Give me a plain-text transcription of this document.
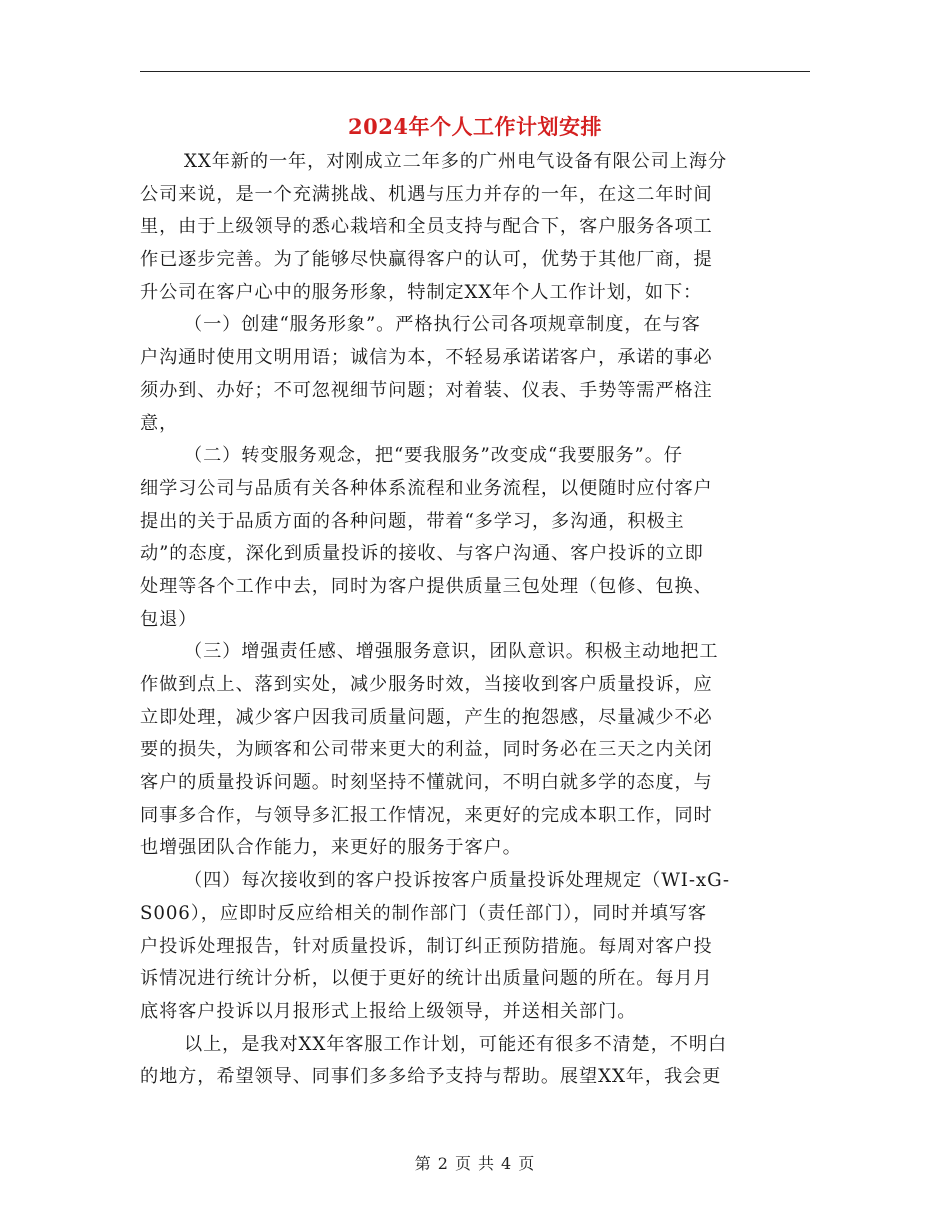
2024年个人工作计划安排
XX年新的一年，对刚成立二年多的广州电气设备有限公司上海分
公司来说，是一个充满挑战、机遇与压力并存的一年，在这二年时间
里，由于上级领导的悉心栽培和全员支持与配合下，客户服务各项工
作已逐步完善。为了能够尽快赢得客户的认可，优势于其他厂商，提
升公司在客户心中的服务形象，特制定XX年个人工作计划，如下：
（一）创建“服务形象”。严格执行公司各项规章制度，在与客
户沟通时使用文明用语；诚信为本，不轻易承诺诺客户，承诺的事必
须办到、办好；不可忽视细节问题；对着装、仪表、手势等需严格注
意，
（二）转变服务观念，把“要我服务”改变成“我要服务”。仔
细学习公司与品质有关各种体系流程和业务流程，以便随时应付客户
提出的关于品质方面的各种问题，带着“多学习，多沟通，积极主
动”的态度，深化到质量投诉的接收、与客户沟通、客户投诉的立即
处理等各个工作中去，同时为客户提供质量三包处理（包修、包换、
包退）
（三）增强责任感、增强服务意识，团队意识。积极主动地把工
作做到点上、落到实处，减少服务时效，当接收到客户质量投诉，应
立即处理，减少客户因我司质量问题，产生的抱怨感，尽量减少不必
要的损失，为顾客和公司带来更大的利益，同时务必在三天之内关闭
客户的质量投诉问题。时刻坚持不懂就问，不明白就多学的态度，与
同事多合作，与领导多汇报工作情况，来更好的完成本职工作，同时
也增强团队合作能力，来更好的服务于客户。
（四）每次接收到的客户投诉按客户质量投诉处理规定（WI-xG-
S006），应即时反应给相关的制作部门（责任部门），同时并填写客
户投诉处理报告，针对质量投诉，制订纠正预防措施。每周对客户投
诉情况进行统计分析，以便于更好的统计出质量问题的所在。每月月
底将客户投诉以月报形式上报给上级领导，并送相关部门。
以上，是我对XX年客服工作计划，可能还有很多不清楚，不明白
的地方，希望领导、同事们多多给予支持与帮助。展望XX年，我会更
第 2 页 共 4 页
